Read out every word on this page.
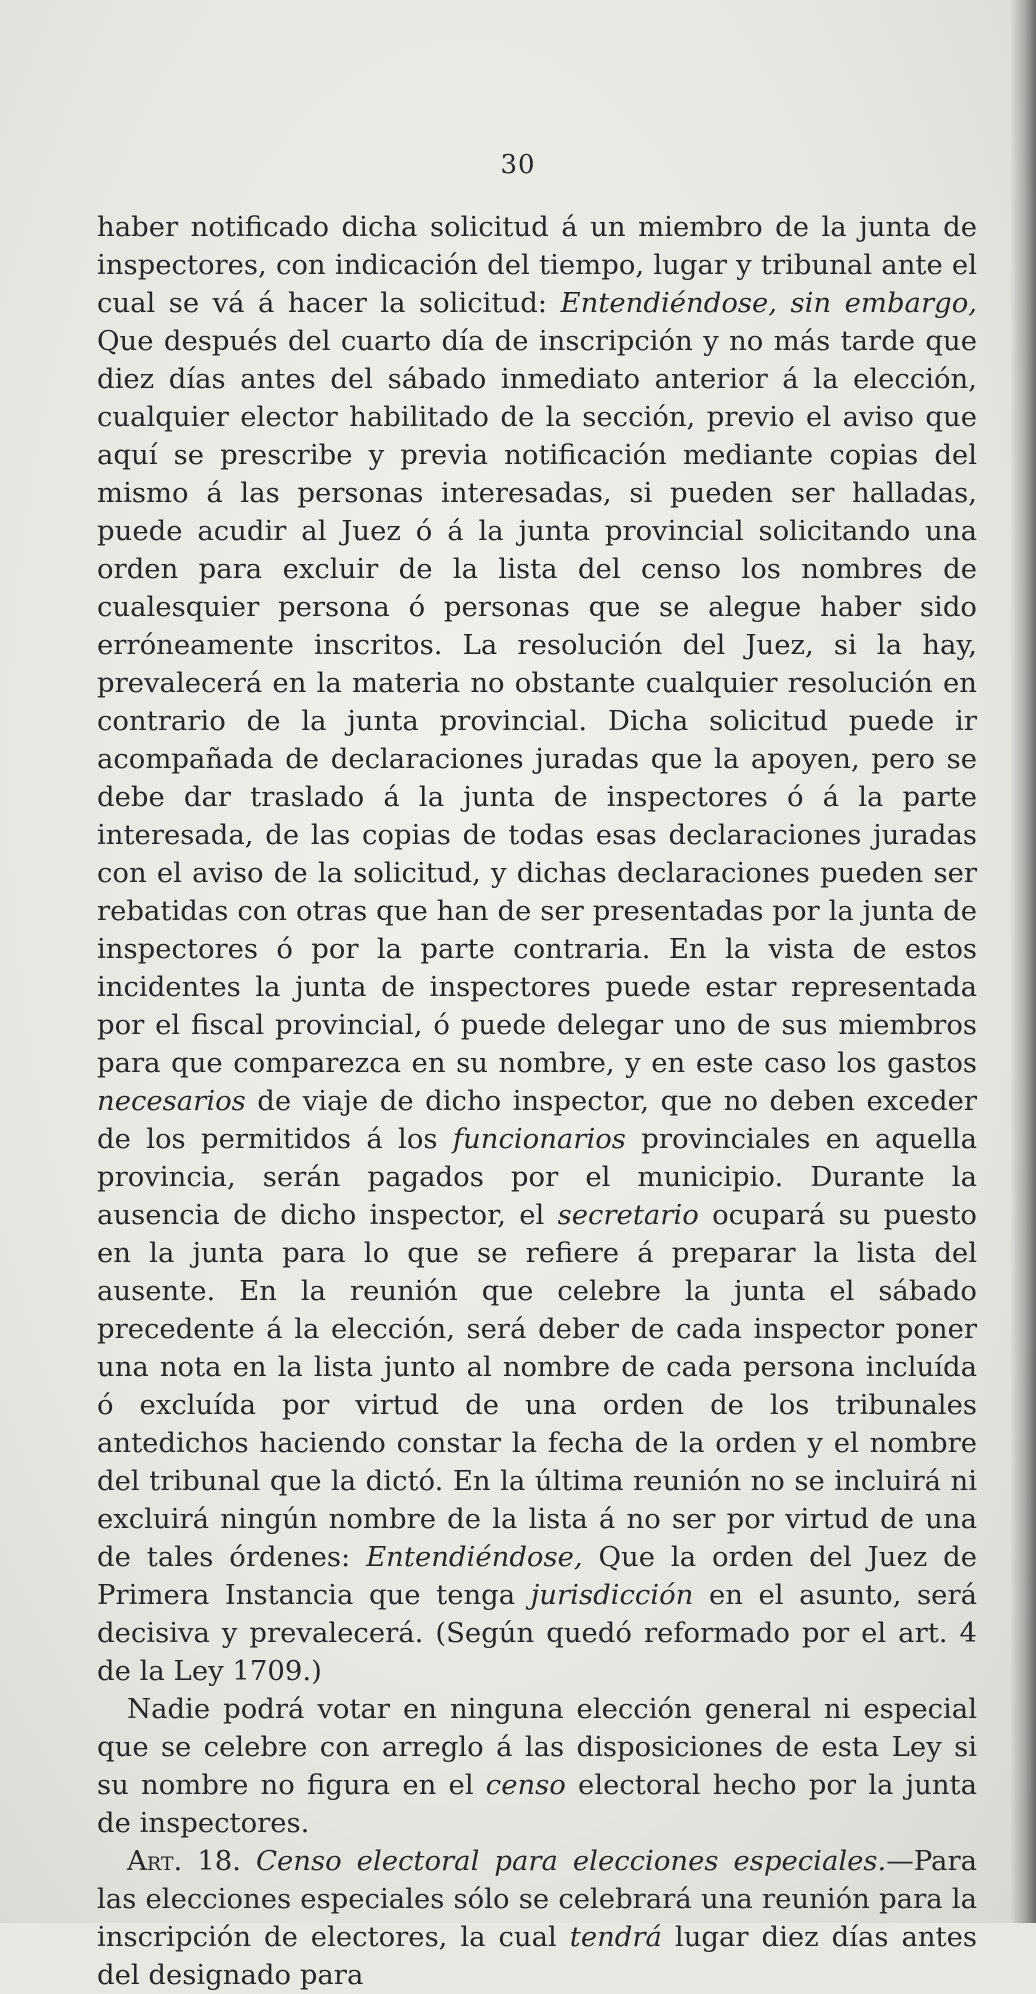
30

haber notificado dicha solicitud á un miembro de la junta de inspectores, con indicación del tiempo, lugar y tribunal ante el cual se vá á hacer la solicitud: Entendiéndose, sin embargo, Que después del cuarto día de inscripción y no más tarde que diez días antes del sábado inmediato anterior á la elección, cualquier elector habilitado de la sección, previo el aviso que aquí se prescribe y previa notificación mediante copias del mismo á las personas interesadas, si pueden ser halladas, puede acudir al Juez ó á la junta provincial solicitando una orden para excluir de la lista del censo los nombres de cualesquier persona ó personas que se alegue haber sido erróneamente inscritos. La resolución del Juez, si la hay, prevalecerá en la materia no obstante cualquier resolución en contrario de la junta provincial. Dicha solicitud puede ir acompañada de declaraciones juradas que la apoyen, pero se debe dar traslado á la junta de inspectores ó á la parte interesada, de las copias de todas esas declaraciones juradas con el aviso de la solicitud, y dichas declaraciones pueden ser rebatidas con otras que han de ser presentadas por la junta de inspectores ó por la parte contraria. En la vista de estos incidentes la junta de inspectores puede estar representada por el fiscal provincial, ó puede delegar uno de sus miembros para que comparezca en su nombre, y en este caso los gastos necesarios de viaje de dicho inspector, que no deben exceder de los permitidos á los funcionarios provinciales en aquella provincia, serán pagados por el municipio. Durante la ausencia de dicho inspector, el secretario ocupará su puesto en la junta para lo que se refiere á preparar la lista del ausente. En la reunión que celebre la junta el sábado precedente á la elección, será deber de cada inspector poner una nota en la lista junto al nombre de cada persona incluída ó excluída por virtud de una orden de los tribunales antedichos haciendo constar la fecha de la orden y el nombre del tribunal que la dictó. En la última reunión no se incluirá ni excluirá ningún nombre de la lista á no ser por virtud de una de tales órdenes: Entendiéndose, Que la orden del Juez de Primera Instancia que tenga jurisdicción en el asunto, será decisiva y prevalecerá. (Según quedó reformado por el art. 4 de la Ley 1709.)

Nadie podrá votar en ninguna elección general ni especial que se celebre con arreglo á las disposiciones de esta Ley si su nombre no figura en el censo electoral hecho por la junta de inspectores.

Art. 18. Censo electoral para elecciones especiales.—Para las elecciones especiales sólo se celebrará una reunión para la inscripción de electores, la cual tendrá lugar diez días antes del designado para
